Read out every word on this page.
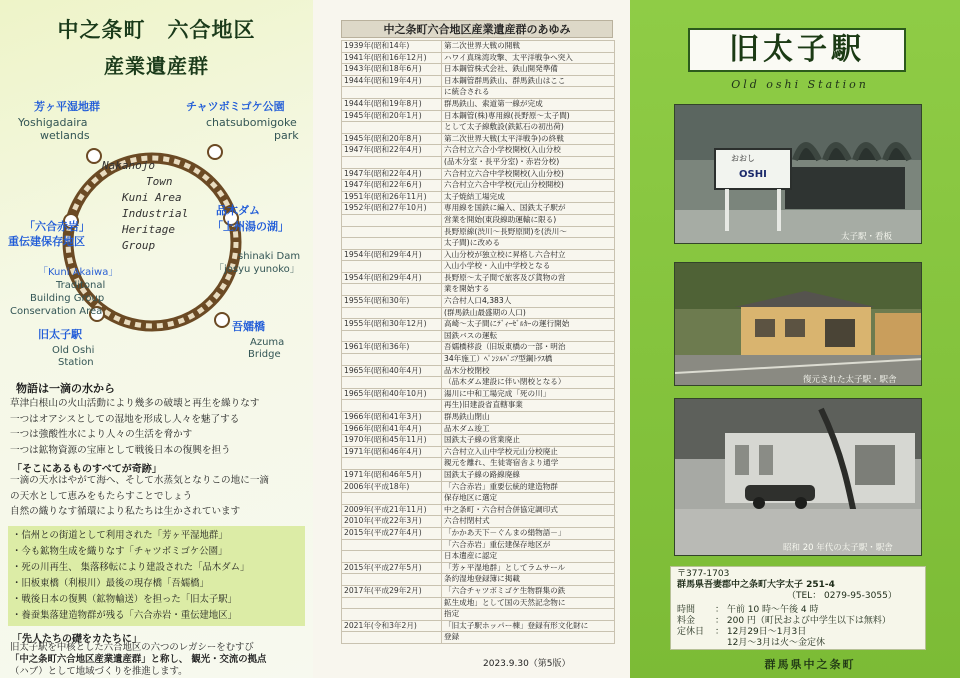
中之条町　六合地区
産業遺産群
芳ヶ平湿地群
Yoshigadaira
wetlands
チャツボミゴケ公園
chatsubomigoke
park
Nakanojo
Town
Kuni Area
Industrial
Heritage
Group
「六合赤岩」
重伝建保存地区
「Kuni Akaiwa」
Traditonal
Building Group
Conservation Area
品木ダム
「上州湯の湖」
shinaki Dam
「josyu yunoko」
旧太子駅
Old Oshi
Station
吾嬬橋
Azuma
Bridge
物語は一滴の水から
草津白根山の火山活動により幾多の破壊と再生を繰りなす
一つはオアシスとしての湿地を形成し人々を魅了する
一つは強酸性水により人々の生活を脅かす
一つは鉱物資源の宝庫として戦後日本の復興を担う
「そこにあるものすべてが奇跡」
一滴の天水はやがて海へ、そして水蒸気となりこの地に一滴
の天水として恵みをもたらすことでしょう
自然の織りなす循環により私たちは生かされています
・信州との街道として利用された「芳ヶ平湿地群」
・今も鉱物生成を織りなす「チャツボミゴケ公園」
・死の川再生、 集落移転により建設された「品木ダム」
・旧板東橋（利根川）最後の現存橋「吾嬬橋」
・戦後日本の復興（鉱物輸送）を担った「旧太子駅」
・養蚕集落建造物群が残る「六合赤岩・重伝建地区」
「先人たちの礎をカたちに」
旧太子駅を中核とした六合地区の六つのレガシーをむすび
「中之条町六合地区産業遺産群」と称し、 観光・交流の拠点
（ハブ）として地域づくりを推進します。
中之条町六合地区産業遺産群のあゆみ
1939年(昭和14年)	第二次世界大戦の開戦
1941年(昭和16年12月)	ハワイ真珠湾攻撃、太平洋戦争へ突入
1943年(昭和18年6月)	日本鋼管株式会社、鉄山開発準備
1944年(昭和19年4月)	日本鋼管群馬鉄山、群馬鉄山はここ
	に統合される
1944年(昭和19年8月)	群馬鉄山、索道第一線が完成
1945年(昭和20年1月)	日本鋼管(株)専用線(長野原～太子間)
	として太子線敷設(鉄鉱石の初出荷)
1945年(昭和20年8月)	第二次世界大戦(太平洋戦争)の終戦
1947年(昭和22年4月)	六合村立六合小学校開校(入山分校
	(品木分室・長平分室)・赤岩分校)
1947年(昭和22年4月)	六合村立六合中学校開校(入山分校)
1947年(昭和22年6月)	六合村立六合中学校(元山分校開校)
1951年(昭和26年11月)	太子焼結工場完成
1952年(昭和27年10月)	専用線を国鉄に編入、国鉄太子駅が
	営業を開始(東段線助運輸に限る)
	長野原線(渋川～長野原間)を(渋川～
	太子間)に改める
1954年(昭和29年4月)	入山分校が独立校に昇格し六合村立
	入山小学校・入山中学校となる
1954年(昭和29年4月)	長野原～太子間で旅客及び貨物の営
	業を開始する
1955年(昭和30年)	六合村人口4,383人
	(群馬鉄山最盛期の人口)
1955年(昭和30年12月)	高崎～太子間にﾃﾞｨｰｾﾞﾙｶｰの運行開始
	国鉄バスの運転
1961年(昭和36年)	吾嬬橋移設（旧坂東橋の一部・明治
	34年施工）ﾍﾟﾝｼﾙﾊﾞﾆｱ型鋼ﾄﾗｽ橋
1965年(昭和40年4月)	品木分校閉校
	（品木ダム建設に伴い閉校となる）
1965年(昭和40年10月)	湯川に中和工場完成「死の川」
	再生)旧建設省直轄事業
1966年(昭和41年3月)	群馬鉄山閉山
1966年(昭和41年4月)	品木ダム竣工
1970年(昭和45年11月)	国鉄太子線の営業廃止
1971年(昭和46年4月)	六合村立入山中学校元山分校廃止
	親元を離れ、生徒寄宿舎より通学
1971年(昭和46年5月)	国鉄太子線の路線廃線
2006年(平成18年)	「六合赤岩」重要伝統的建造物群
	保存地区に選定
2009年(平成21年11月)	中之条町・六合村合併協定調印式
2010年(平成22年3月)	六合村閉村式
2015年(平成27年4月)	「かかあ天下－ぐんまの絹物語－」
	「六合赤岩」重伝建保存地区が
	日本遺産に認定
2015年(平成27年5月)	「芳ヶ平湿地群」としてラムサール
	条約湿地登録簿に掲載
2017年(平成29年2月)	「六合チャツボミゴケ生物群集の鉄
	鉱生成地」として国の天然記念物に
	指定
2021年(令和3年2月)	「旧太子駅ホッパー棟」登録有形文化財に
	登録
2023.9.30（第5版）
旧太子駅
Old oshi Station
おおし
OSHI
太子駅・看板
復元された太子駅・駅舎
昭和 20 年代の太子駅・駅舎
〒377-1703
群馬県吾妻郡中之条町大字太子 251-4
（TEL： 0279-95-3055）
時間	： 午前 10 時～午後 4 時
料金	： 200 円（町民および中学生以下は無料）
定休日	： 12月29日～1月3日
　 12月～3月は火～金定休
群馬県中之条町
